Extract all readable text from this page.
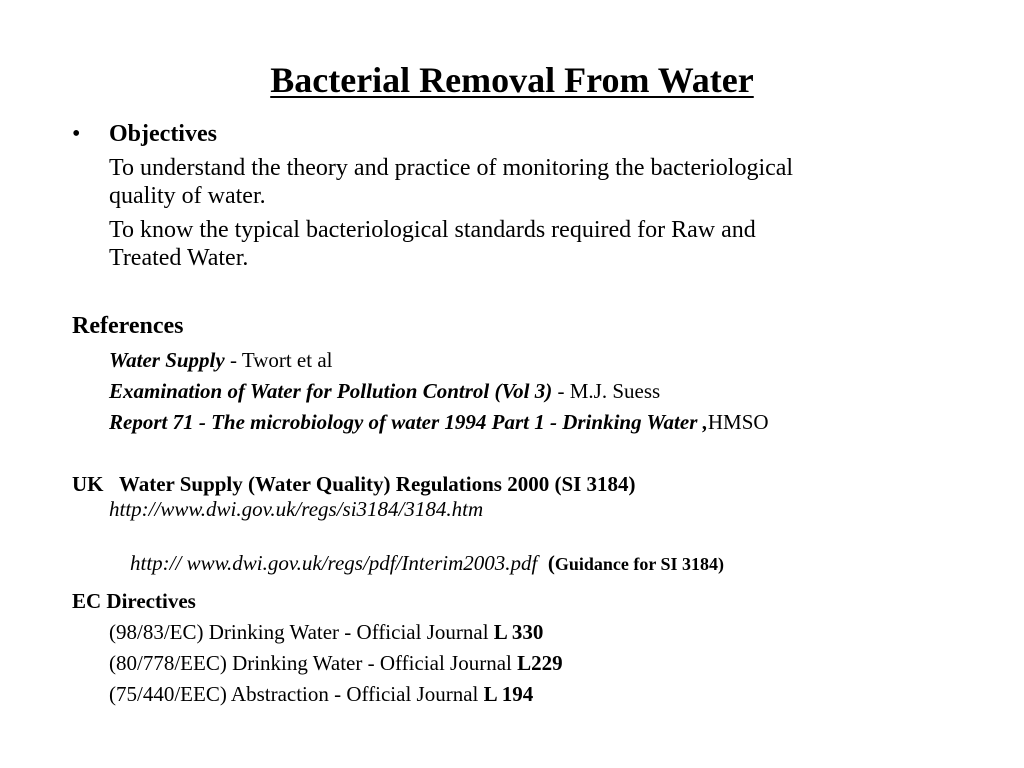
Bacterial Removal From Water
• Objectives
To understand the theory and practice of monitoring the bacteriological
quality of water.
To know the typical bacteriological standards required for Raw and
Treated Water.
References
Water Supply - Twort et al
Examination of Water for Pollution Control (Vol 3) - M.J. Suess
Report 71 - The microbiology of water 1994 Part 1 - Drinking Water ,HMSO
UK   Water Supply (Water Quality) Regulations 2000 (SI 3184)
http://www.dwi.gov.uk/regs/si3184/3184.htm

http:// www.dwi.gov.uk/regs/pdf/Interim2003.pdf  (Guidance for SI 3184)

EC Directives
(98/83/EC) Drinking Water - Official Journal L 330
(80/778/EEC) Drinking Water - Official Journal L229
(75/440/EEC) Abstraction - Official Journal L 194
